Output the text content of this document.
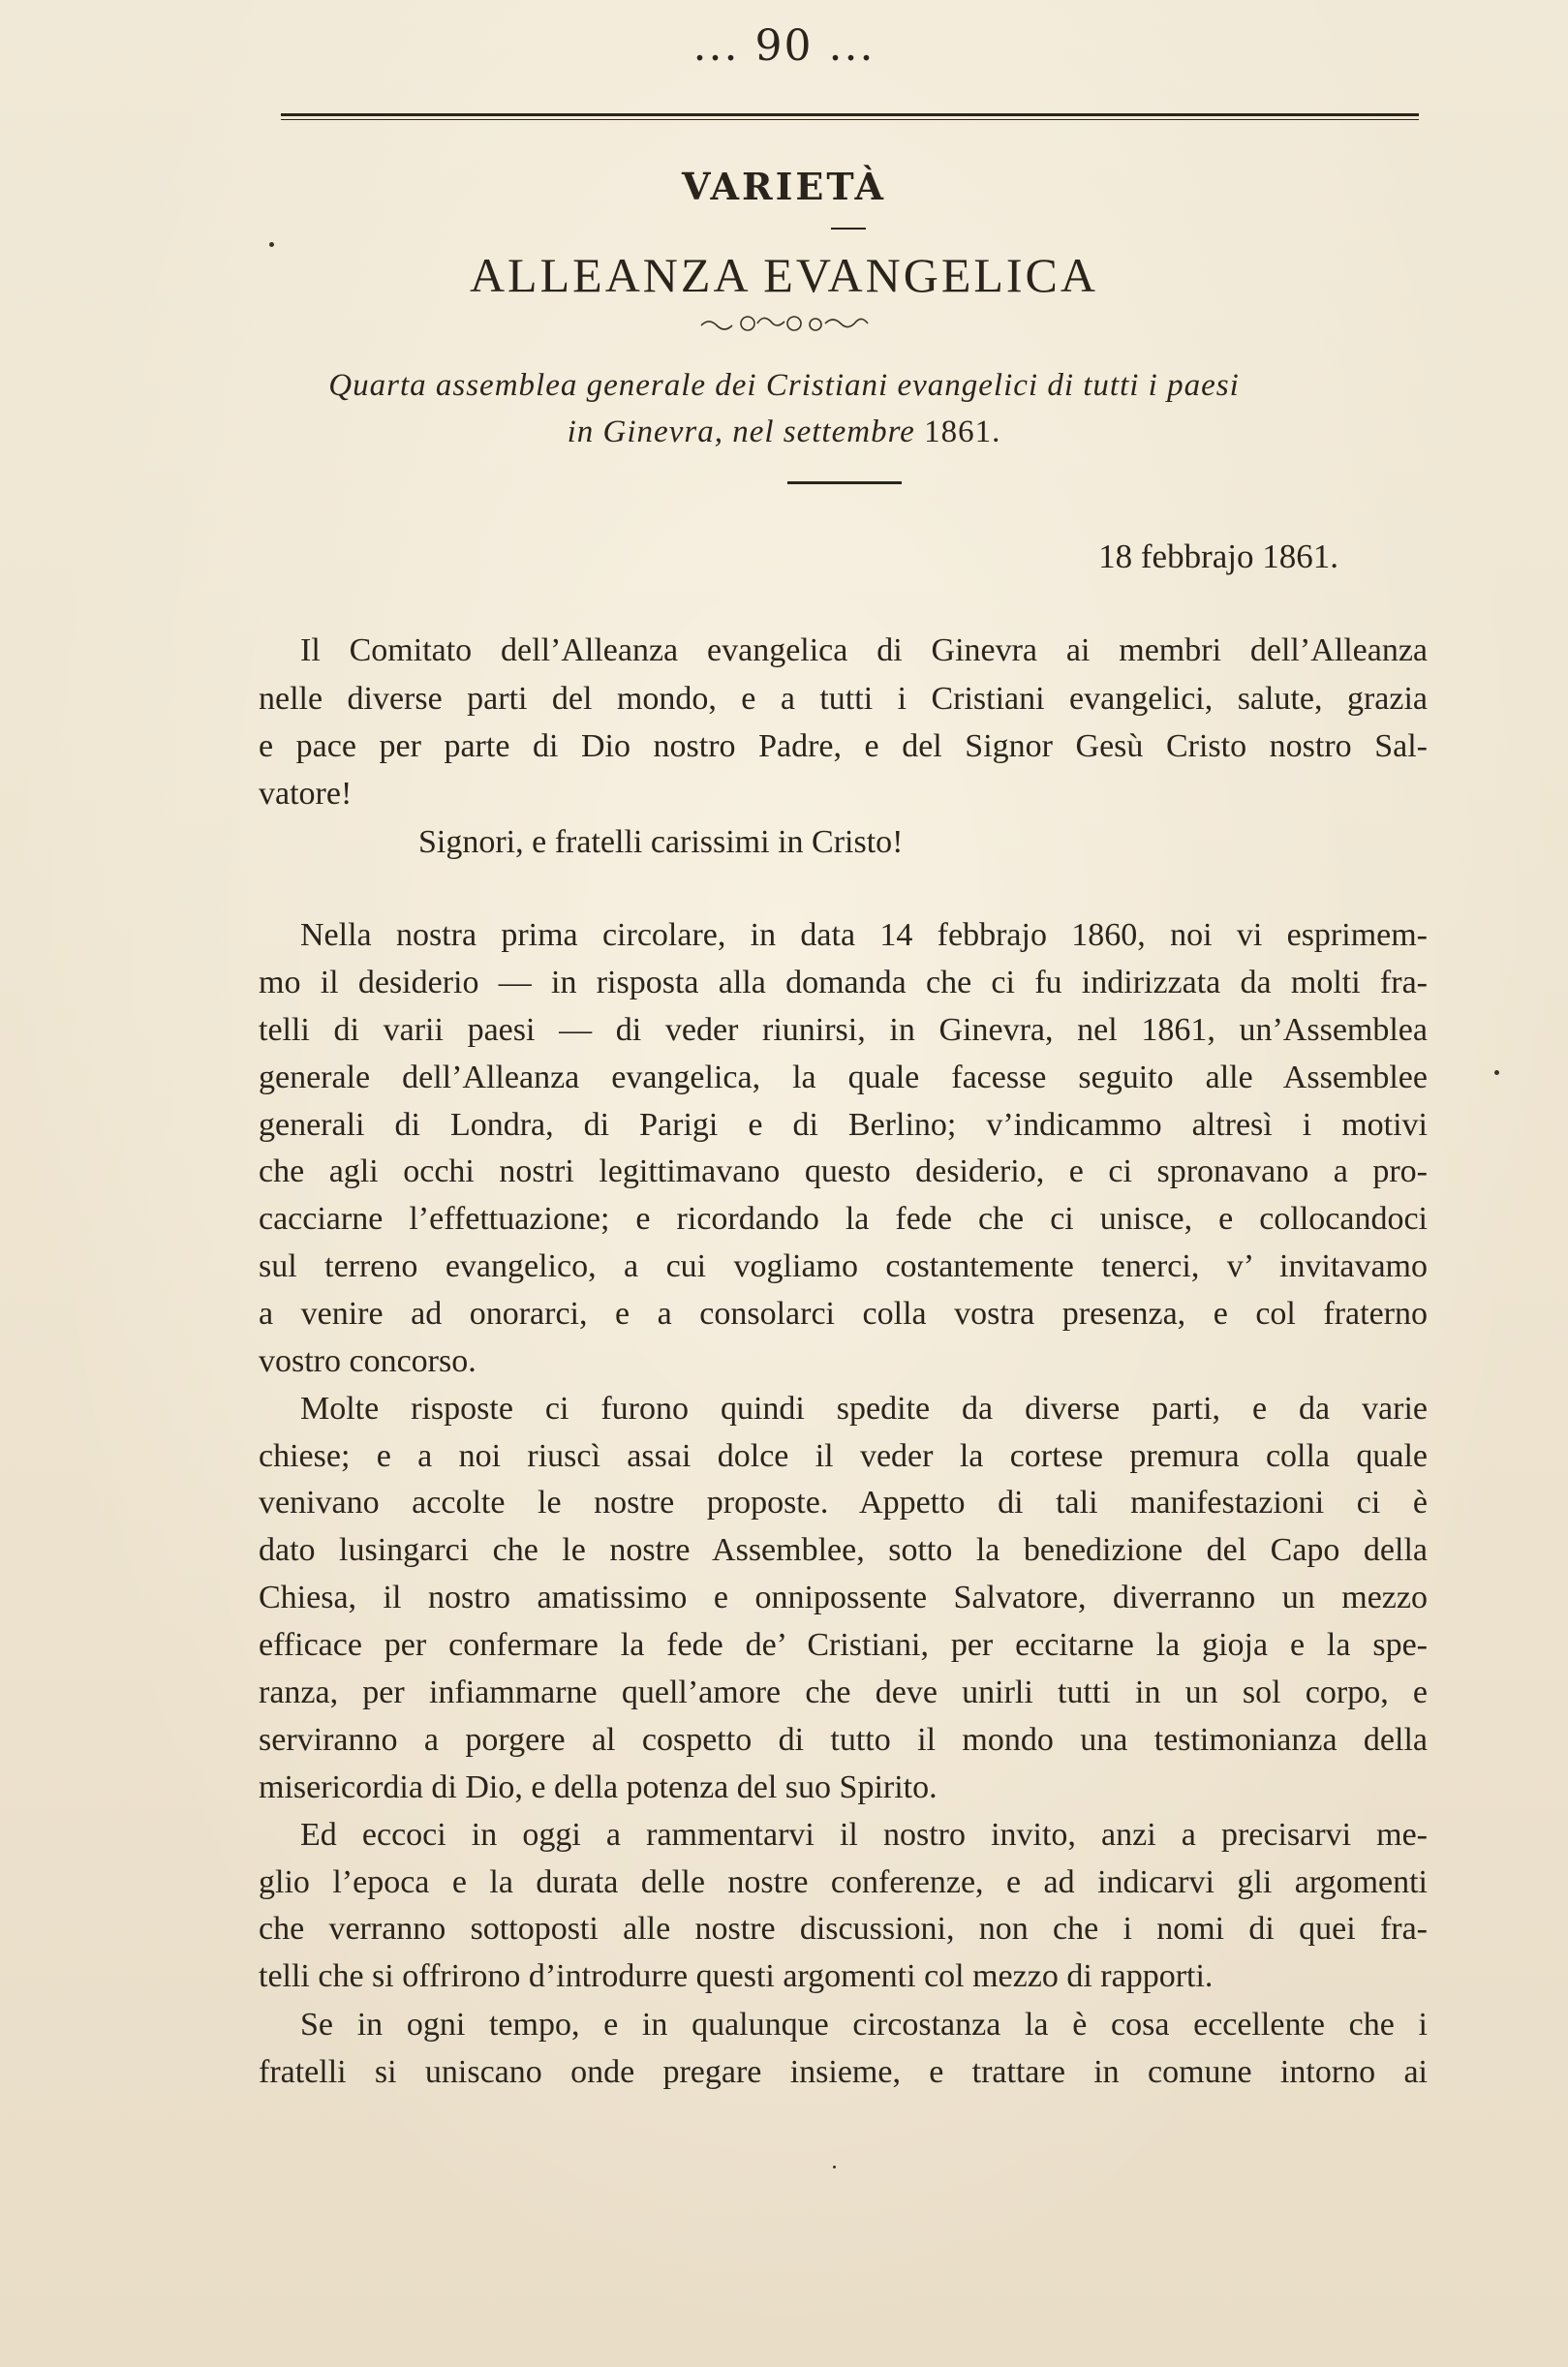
... 90 ...
VARIETÀ
ALLEANZA EVANGELICA
Quarta assemblea generale dei Cristiani evangelici di tutti i paesi
in Ginevra, nel settembre 1861.
18 febbrajo 1861.
Il Comitato dell’Alleanza evangelica di Ginevra ai membri dell’Alleanza
nelle diverse parti del mondo, e a tutti i Cristiani evangelici, salute, grazia
e pace per parte di Dio nostro Padre, e del Signor Gesù Cristo nostro Sal-
vatore!
Signori, e fratelli carissimi in Cristo!
Nella nostra prima circolare, in data 14 febbrajo 1860, noi vi esprimem-
mo il desiderio — in risposta alla domanda che ci fu indirizzata da molti fra-
telli di varii paesi — di veder riunirsi, in Ginevra, nel 1861, un’Assemblea
generale dell’Alleanza evangelica, la quale facesse seguito alle Assemblee
generali di Londra, di Parigi e di Berlino; v’indicammo altresì i motivi
che agli occhi nostri legittimavano questo desiderio, e ci spronavano a pro-
cacciarne l’effettuazione; e ricordando la fede che ci unisce, e collocandoci
sul terreno evangelico, a cui vogliamo costantemente tenerci, v’ invitavamo
a venire ad onorarci, e a consolarci colla vostra presenza, e col fraterno
vostro concorso.
Molte risposte ci furono quindi spedite da diverse parti, e da varie
chiese; e a noi riuscì assai dolce il veder la cortese premura colla quale
venivano accolte le nostre proposte. Appetto di tali manifestazioni ci è
dato lusingarci che le nostre Assemblee, sotto la benedizione del Capo della
Chiesa, il nostro amatissimo e onnipossente Salvatore, diverranno un mezzo
efficace per confermare la fede de’ Cristiani, per eccitarne la gioja e la spe-
ranza, per infiammarne quell’amore che deve unirli tutti in un sol corpo, e
serviranno a porgere al cospetto di tutto il mondo una testimonianza della
misericordia di Dio, e della potenza del suo Spirito.
Ed eccoci in oggi a rammentarvi il nostro invito, anzi a precisarvi me-
glio l’epoca e la durata delle nostre conferenze, e ad indicarvi gli argomenti
che verranno sottoposti alle nostre discussioni, non che i nomi di quei fra-
telli che si offrirono d’introdurre questi argomenti col mezzo di rapporti.
Se in ogni tempo, e in qualunque circostanza la è cosa eccellente che i
fratelli si uniscano onde pregare insieme, e trattare in comune intorno ai
